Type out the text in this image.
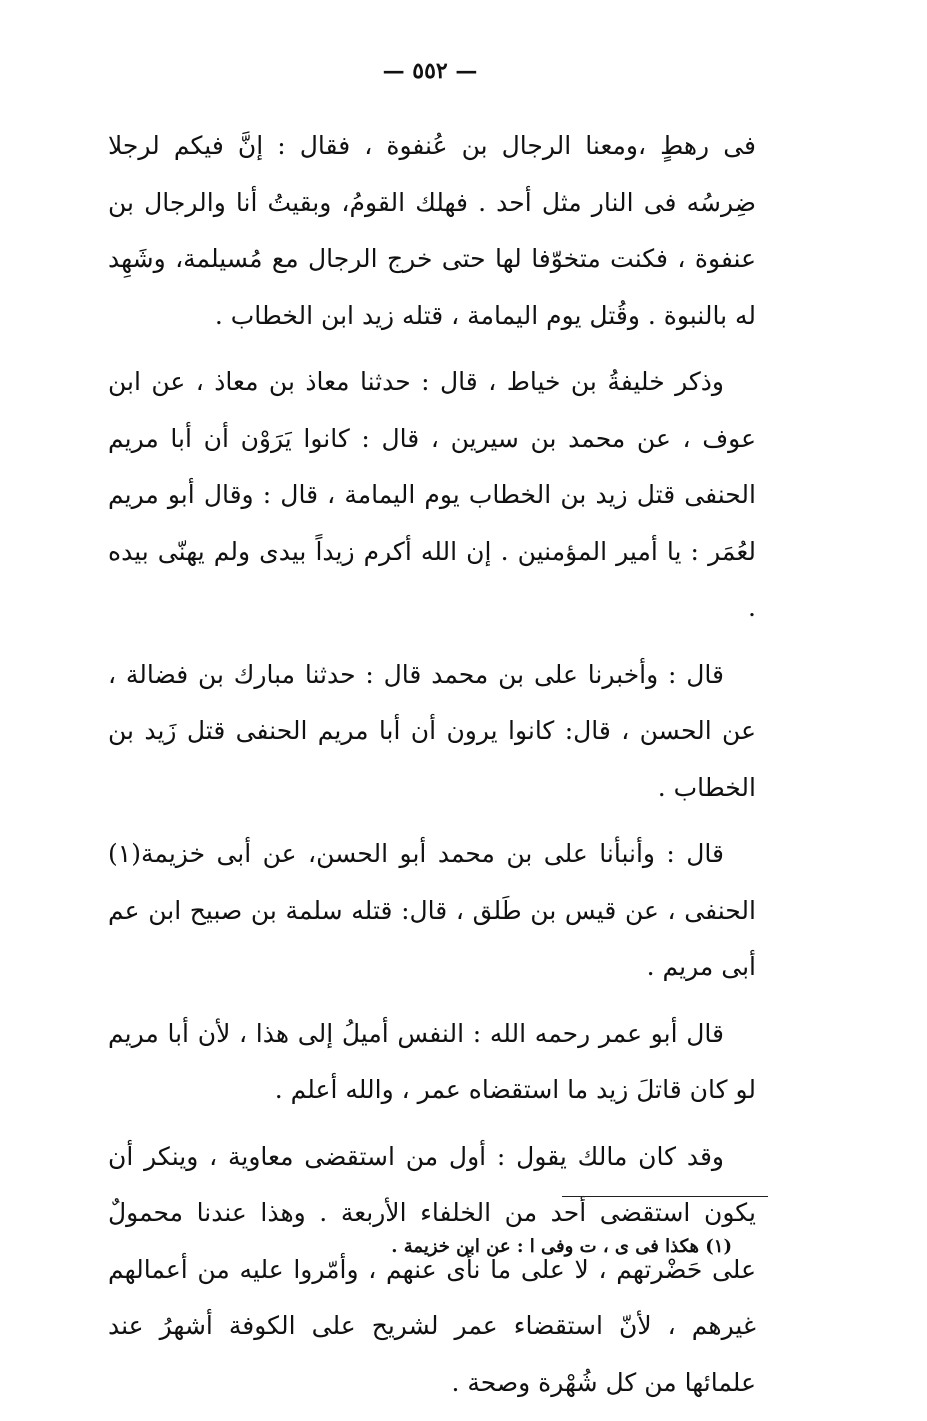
— ٥٥٢ —

فى رهطٍ ،ومعنا الرجال بن عُنفوة ، فقال : إنَّ فيكم لرجلا ضِرسُه فى النار مثل أحد . فهلك القومُ، وبقيتُ أنا والرجال بن عنفوة ، فكنت متخوّفا لها حتى خرج الرجال مع مُسيلمة، وشَهِد له بالنبوة . وقُتل يوم اليمامة ، قتله زيد ابن الخطاب .

وذكر خليفةُ بن خياط ، قال : حدثنا معاذ بن معاذ ، عن ابن عوف ، عن محمد بن سيرين ، قال : كانوا يَرَوْن أن أبا مريم الحنفى قتل زيد بن الخطاب يوم اليمامة ، قال : وقال أبو مريم لعُمَر : يا أمير المؤمنين . إن الله أكرم زيداً بيدى ولم يهنّى بيده .

قال : وأخبرنا على بن محمد قال : حدثنا مبارك بن فضالة ، عن الحسن ، قال: كانوا يرون أن أبا مريم الحنفى قتل زَيد بن الخطاب .

قال : وأنبأنا على بن محمد أبو الحسن، عن أبى خزيمة(١) الحنفى ، عن قيس بن طَلق ، قال: قتله سلمة بن صبيح ابن عم أبى مريم .

قال أبو عمر رحمه الله : النفس أميلُ إلى هذا ، لأن أبا مريم لو كان قاتلَ زيد ما استقضاه عمر ، والله أعلم .

وقد كان مالك يقول : أول من استقضى معاوية ، وينكر أن يكون استقضى أحد من الخلفاء الأربعة . وهذا عندنا محمولٌ على حَضْرتهم ، لا على ما نأى عنهم ، وأمّروا عليه من أعمالهم غيرهم ، لأنّ استقضاء عمر لشريح على الكوفة أشهرُ عند علمائها من كل شُهْرة وصحة .

(١) هكذا فى ى ، ت وفى ا : عن ابن خزيمة .
